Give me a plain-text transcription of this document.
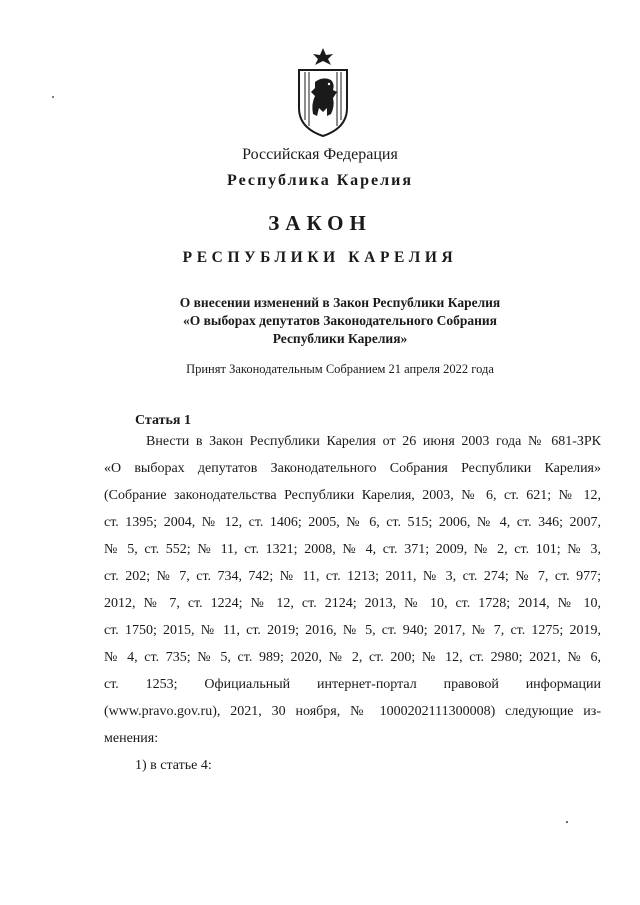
Российская Федерация
Республика Карелия
ЗАКОН
РЕСПУБЛИКИ КАРЕЛИЯ
О внесении изменений в Закон Республики Карелия
«О выборах депутатов Законодательного Собрания
Республики Карелия»
Принят Законодательным Собранием 21 апреля 2022 года
Статья 1
Внести в Закон Республики Карелия от 26 июня 2003 года № 681-ЗРК
«О выборах депутатов Законодательного Собрания Республики Карелия»
(Собрание законодательства Республики Карелия, 2003, № 6, ст. 621; № 12,
ст. 1395; 2004, № 12, ст. 1406; 2005, № 6, ст. 515; 2006, № 4, ст. 346; 2007,
№ 5, ст. 552; № 11, ст. 1321; 2008, № 4, ст. 371; 2009, № 2, ст. 101; № 3,
ст. 202; № 7, ст. 734, 742; № 11, ст. 1213; 2011, № 3, ст. 274; № 7, ст. 977;
2012, № 7, ст. 1224; № 12, ст. 2124; 2013, № 10, ст. 1728; 2014, № 10,
ст. 1750; 2015, № 11, ст. 2019; 2016, № 5, ст. 940; 2017, № 7, ст. 1275; 2019,
№ 4, ст. 735; № 5, ст. 989; 2020, № 2, ст. 200; № 12, ст. 2980; 2021, № 6,
ст. 1253; Официальный интернет-портал правовой информации
(www.pravo.gov.ru), 2021, 30 ноября, № 1000202111300008) следующие из-
менения:
1) в статье 4:
